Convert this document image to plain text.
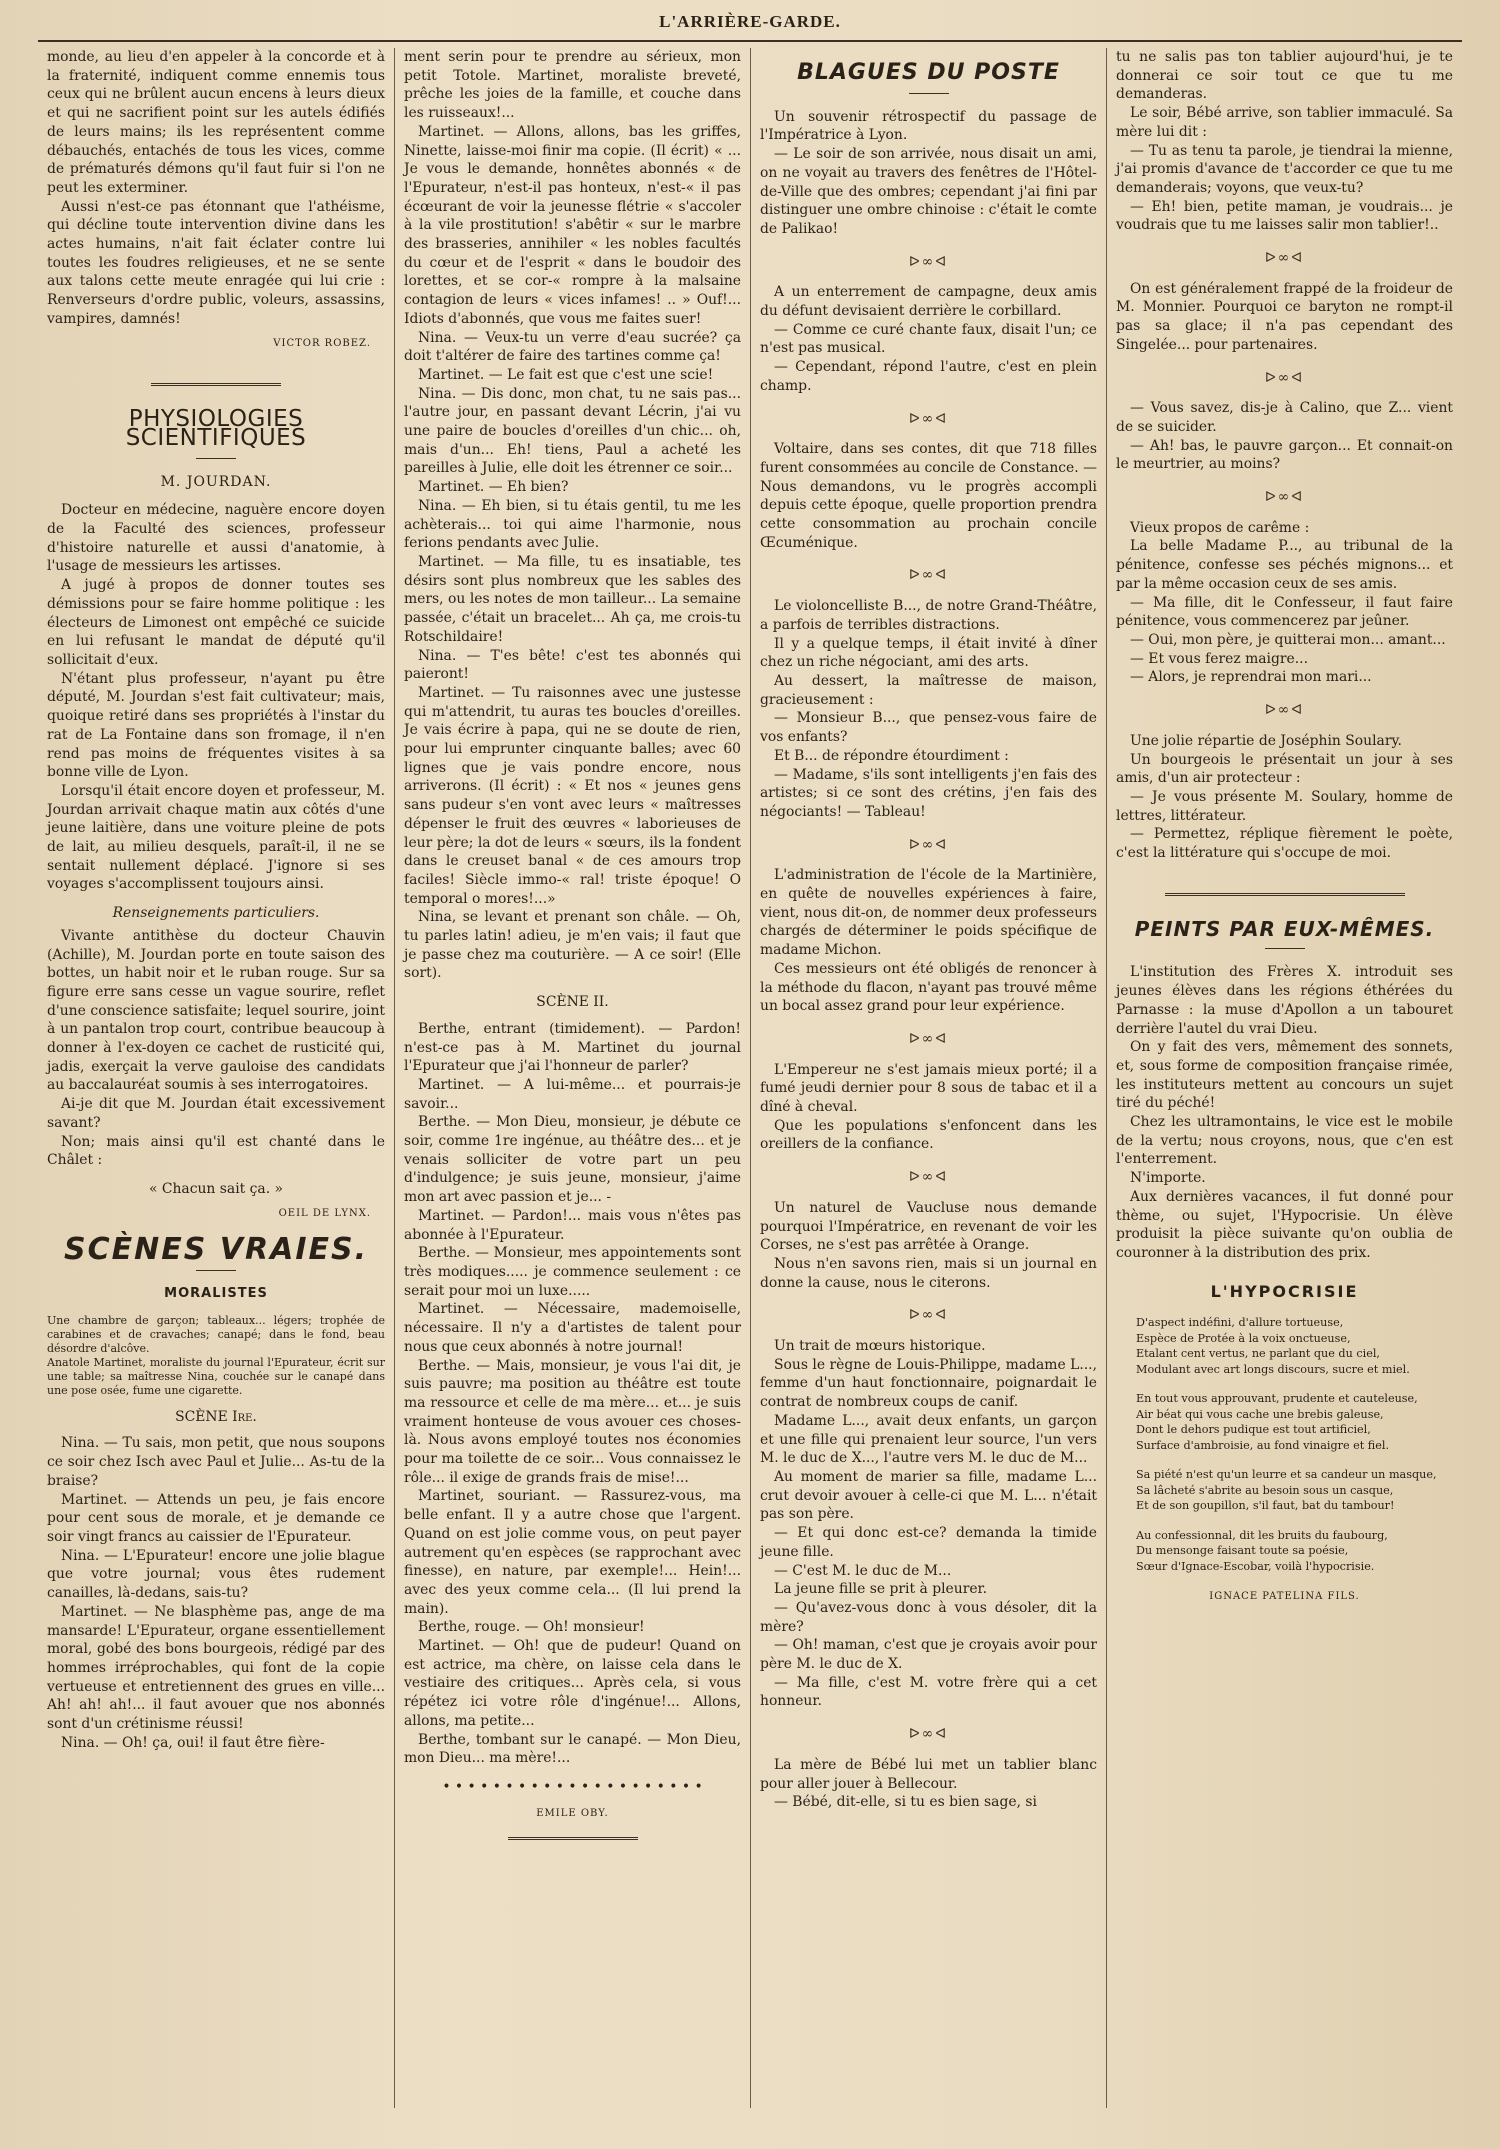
L'ARRIÈRE-GARDE.

monde, au lieu d'en appeler à la concorde et à la fraternité, indiquent comme ennemis tous ceux qui ne brûlent aucun encens à leurs dieux et qui ne sacrifient point sur les autels édifiés de leurs mains; ils les représentent comme débauchés, entachés de tous les vices, comme de prématurés démons qu'il faut fuir si l'on ne peut les exterminer.

Aussi n'est-ce pas étonnant que l'athéisme, qui décline toute intervention divine dans les actes humains, n'ait fait éclater contre lui toutes les foudres religieuses, et ne se sente aux talons cette meute enragée qui lui crie : Renverseurs d'ordre public, voleurs, assassins, vampires, damnés!

VICTOR ROBEZ.
PHYSIOLOGIES SCIENTIFIQUES
M. JOURDAN.

Docteur en médecine, naguère encore doyen de la Faculté des sciences, professeur d'histoire naturelle et aussi d'anatomie, à l'usage de messieurs les artisses.

A jugé à propos de donner toutes ses démissions pour se faire homme politique : les électeurs de Limonest ont empêché ce suicide en lui refusant le mandat de député qu'il sollicitait d'eux.

N'étant plus professeur, n'ayant pu être député, M. Jourdan s'est fait cultivateur; mais, quoique retiré dans ses propriétés à l'instar du rat de La Fontaine dans son fromage, il n'en rend pas moins de fréquentes visites à sa bonne ville de Lyon.

Lorsqu'il était encore doyen et professeur, M. Jourdan arrivait chaque matin aux côtés d'une jeune laitière, dans une voiture pleine de pots de lait, au milieu desquels, paraît-il, il ne se sentait nullement déplacé. J'ignore si ses voyages s'accomplissent toujours ainsi.

Renseignements particuliers.

Vivante antithèse du docteur Chauvin (Achille), M. Jourdan porte en toute saison des bottes, un habit noir et le ruban rouge. Sur sa figure erre sans cesse un vague sourire, reflet d'une conscience satisfaite; lequel sourire, joint à un pantalon trop court, contribue beaucoup à donner à l'ex-doyen ce cachet de rusticité qui, jadis, exerçait la verve gauloise des candidats au baccalauréat soumis à ses interrogatoires.

Ai-je dit que M. Jourdan était excessivement savant?

Non; mais ainsi qu'il est chanté dans le Châlet :

« Chacun sait ça. »
OEIL DE LYNX.
SCÈNES VRAIES.
MORALISTES

Une chambre de garçon; tableaux... légers; trophée de carabines et de cravaches; canapé; dans le fond, beau désordre d'alcôve.

Anatole Martinet, moraliste du journal l'Epurateur, écrit sur une table; sa maîtresse Nina, couchée sur le canapé dans une pose osée, fume une cigarette.

SCÈNE Ire.

Nina. — Tu sais, mon petit, que nous soupons ce soir chez Isch avec Paul et Julie... As-tu de la braise?

Martinet. — Attends un peu, je fais encore pour cent sous de morale, et je demande ce soir vingt francs au caissier de l'Epurateur.

Nina. — L'Epurateur! encore une jolie blague que votre journal; vous êtes rudement canailles, là-dedans, sais-tu?

Martinet. — Ne blasphème pas, ange de ma mansarde! L'Epurateur, organe essentiellement moral, gobé des bons bourgeois, rédigé par des hommes irréprochables, qui font de la copie vertueuse et entretiennent des grues en ville... Ah! ah! ah!... il faut avouer que nos abonnés sont d'un crétinisme réussi!

Nina. — Oh! ça, oui! il faut être fière-

ment serin pour te prendre au sérieux, mon petit Totole. Martinet, moraliste breveté, prêche les joies de la famille, et couche dans les ruisseaux!...

Martinet. — Allons, allons, bas les griffes, Ninette, laisse-moi finir ma copie. (Il écrit) « ... Je vous le demande, honnêtes abonnés « de l'Epurateur, n'est-il pas honteux, n'est-« il pas écœurant de voir la jeunesse flétrie « s'accoler à la vile prostitution! s'abêtir « sur le marbre des brasseries, annihiler « les nobles facultés du cœur et de l'esprit « dans le boudoir des lorettes, et se cor-« rompre à la malsaine contagion de leurs « vices infames! .. » Ouf!... Idiots d'abonnés, que vous me faites suer!

Nina. — Veux-tu un verre d'eau sucrée? ça doit t'altérer de faire des tartines comme ça!

Martinet. — Le fait est que c'est une scie!

Nina. — Dis donc, mon chat, tu ne sais pas... l'autre jour, en passant devant Lécrin, j'ai vu une paire de boucles d'oreilles d'un chic... oh, mais d'un... Eh! tiens, Paul a acheté les pareilles à Julie, elle doit les étrenner ce soir...

Martinet. — Eh bien?

Nina. — Eh bien, si tu étais gentil, tu me les achèterais... toi qui aime l'harmonie, nous ferions pendants avec Julie.

Martinet. — Ma fille, tu es insatiable, tes désirs sont plus nombreux que les sables des mers, ou les notes de mon tailleur... La semaine passée, c'était un bracelet... Ah ça, me crois-tu Rotschildaire!

Nina. — T'es bête! c'est tes abonnés qui paieront!

Martinet. — Tu raisonnes avec une justesse qui m'attendrit, tu auras tes boucles d'oreilles. Je vais écrire à papa, qui ne se doute de rien, pour lui emprunter cinquante balles; avec 60 lignes que je vais pondre encore, nous arriverons. (Il écrit) : « Et nos « jeunes gens sans pudeur s'en vont avec leurs « maîtresses dépenser le fruit des œuvres « laborieuses de leur père; la dot de leurs « sœurs, ils la fondent dans le creuset banal « de ces amours trop faciles! Siècle immo-« ral! triste époque! O temporal o mores!...»

Nina, se levant et prenant son châle. — Oh, tu parles latin! adieu, je m'en vais; il faut que je passe chez ma couturière. — A ce soir! (Elle sort).

SCÈNE II.

Berthe, entrant (timidement). — Pardon! n'est-ce pas à M. Martinet du journal l'Epurateur que j'ai l'honneur de parler?

Martinet. — A lui-même... et pourrais-je savoir...

Berthe. — Mon Dieu, monsieur, je débute ce soir, comme 1re ingénue, au théâtre des... et je venais solliciter de votre part un peu d'indulgence; je suis jeune, monsieur, j'aime mon art avec passion et je... -

Martinet. — Pardon!... mais vous n'êtes pas abonnée à l'Epurateur.

Berthe. — Monsieur, mes appointements sont très modiques..... je commence seulement : ce serait pour moi un luxe.....

Martinet. — Nécessaire, mademoiselle, nécessaire. Il n'y a d'artistes de talent pour nous que ceux abonnés à notre journal!

Berthe. — Mais, monsieur, je vous l'ai dit, je suis pauvre; ma position au théâtre est toute ma ressource et celle de ma mère... et... je suis vraiment honteuse de vous avouer ces choses-là. Nous avons employé toutes nos économies pour ma toilette de ce soir... Vous connaissez le rôle... il exige de grands frais de mise!...

Martinet, souriant. — Rassurez-vous, ma belle enfant. Il y a autre chose que l'argent. Quand on est jolie comme vous, on peut payer autrement qu'en espèces (se rapprochant avec finesse), en nature, par exemple!... Hein!... avec des yeux comme cela... (Il lui prend la main).

Berthe, rouge. — Oh! monsieur!

Martinet. — Oh! que de pudeur! Quand on est actrice, ma chère, on laisse cela dans le vestiaire des critiques... Après cela, si vous répétez ici votre rôle d'ingénue!... Allons, allons, ma petite...

Berthe, tombant sur le canapé. — Mon Dieu, mon Dieu... ma mère!...

• • • • • • • • • • • • • • • • • • • • •
EMILE OBY.
BLAGUES DU POSTE

Un souvenir rétrospectif du passage de l'Impératrice à Lyon.

— Le soir de son arrivée, nous disait un ami, on ne voyait au travers des fenêtres de l'Hôtel-de-Ville que des ombres; cependant j'ai fini par distinguer une ombre chinoise : c'était le comte de Palikao!

ᐅ∞ᐊ

A un enterrement de campagne, deux amis du défunt devisaient derrière le corbillard.

— Comme ce curé chante faux, disait l'un; ce n'est pas musical.

— Cependant, répond l'autre, c'est en plein champ.

ᐅ∞ᐊ

Voltaire, dans ses contes, dit que 718 filles furent consommées au concile de Constance. — Nous demandons, vu le progrès accompli depuis cette époque, quelle proportion prendra cette consommation au prochain concile Œcuménique.

ᐅ∞ᐊ

Le violoncelliste B..., de notre Grand-Théâtre, a parfois de terribles distractions.

Il y a quelque temps, il était invité à dîner chez un riche négociant, ami des arts.

Au dessert, la maîtresse de maison, gracieusement :

— Monsieur B..., que pensez-vous faire de vos enfants?

Et B... de répondre étourdiment :

— Madame, s'ils sont intelligents j'en fais des artistes; si ce sont des crétins, j'en fais des négociants! — Tableau!

ᐅ∞ᐊ

L'administration de l'école de la Martinière, en quête de nouvelles expériences à faire, vient, nous dit-on, de nommer deux professeurs chargés de déterminer le poids spécifique de madame Michon.

Ces messieurs ont été obligés de renoncer à la méthode du flacon, n'ayant pas trouvé même un bocal assez grand pour leur expérience.

ᐅ∞ᐊ

L'Empereur ne s'est jamais mieux porté; il a fumé jeudi dernier pour 8 sous de tabac et il a dîné à cheval.

Que les populations s'enfoncent dans les oreillers de la confiance.

ᐅ∞ᐊ

Un naturel de Vaucluse nous demande pourquoi l'Impératrice, en revenant de voir les Corses, ne s'est pas arrêtée à Orange.

Nous n'en savons rien, mais si un journal en donne la cause, nous le citerons.

ᐅ∞ᐊ

Un trait de mœurs historique.

Sous le règne de Louis-Philippe, madame L..., femme d'un haut fonctionnaire, poignardait le contrat de nombreux coups de canif.

Madame L..., avait deux enfants, un garçon et une fille qui prenaient leur source, l'un vers M. le duc de X..., l'autre vers M. le duc de M...

Au moment de marier sa fille, madame L... crut devoir avouer à celle-ci que M. L... n'était pas son père.

— Et qui donc est-ce? demanda la timide jeune fille.

— C'est M. le duc de M...

La jeune fille se prit à pleurer.

— Qu'avez-vous donc à vous désoler, dit la mère?

— Oh! maman, c'est que je croyais avoir pour père M. le duc de X.

— Ma fille, c'est M. votre frère qui a cet honneur.

ᐅ∞ᐊ

La mère de Bébé lui met un tablier blanc pour aller jouer à Bellecour.

— Bébé, dit-elle, si tu es bien sage, si

tu ne salis pas ton tablier aujourd'hui, je te donnerai ce soir tout ce que tu me demanderas.

Le soir, Bébé arrive, son tablier immaculé. Sa mère lui dit :

— Tu as tenu ta parole, je tiendrai la mienne, j'ai promis d'avance de t'accorder ce que tu me demanderais; voyons, que veux-tu?

— Eh! bien, petite maman, je voudrais... je voudrais que tu me laisses salir mon tablier!..

ᐅ∞ᐊ

On est généralement frappé de la froideur de M. Monnier. Pourquoi ce baryton ne rompt-il pas sa glace; il n'a pas cependant des Singelée... pour partenaires.

ᐅ∞ᐊ

— Vous savez, dis-je à Calino, que Z... vient de se suicider.

— Ah! bas, le pauvre garçon... Et connait-on le meurtrier, au moins?

ᐅ∞ᐊ

Vieux propos de carême :

La belle Madame P..., au tribunal de la pénitence, confesse ses péchés mignons... et par la même occasion ceux de ses amis.

— Ma fille, dit le Confesseur, il faut faire pénitence, vous commencerez par jeûner.

— Oui, mon père, je quitterai mon... amant...

— Et vous ferez maigre...

— Alors, je reprendrai mon mari...

ᐅ∞ᐊ

Une jolie répartie de Joséphin Soulary.

Un bourgeois le présentait un jour à ses amis, d'un air protecteur :

— Je vous présente M. Soulary, homme de lettres, littérateur.

— Permettez, réplique fièrement le poète, c'est la littérature qui s'occupe de moi.

PEINTS PAR EUX-MÊMES.

L'institution des Frères X. introduit ses jeunes élèves dans les régions éthérées du Parnasse : la muse d'Apollon a un tabouret derrière l'autel du vrai Dieu.

On y fait des vers, mêmement des sonnets, et, sous forme de composition française rimée, les instituteurs mettent au concours un sujet tiré du péché!

Chez les ultramontains, le vice est le mobile de la vertu; nous croyons, nous, que c'en est l'enterrement.

N'importe.

Aux dernières vacances, il fut donné pour thème, ou sujet, l'Hypocrisie. Un élève produisit la pièce suivante qu'on oublia de couronner à la distribution des prix.

L'HYPOCRISIE
D'aspect indéfini, d'allure tortueuse,
Espèce de Protée à la voix onctueuse,
Etalant cent vertus, ne parlant que du ciel,
Modulant avec art longs discours, sucre et miel.
En tout vous approuvant, prudente et cauteleuse,
Air béat qui vous cache une brebis galeuse,
Dont le dehors pudique est tout artificiel,
Surface d'ambroisie, au fond vinaigre et fiel.
Sa piété n'est qu'un leurre et sa candeur un masque,
Sa lâcheté s'abrite au besoin sous un casque,
Et de son goupillon, s'il faut, bat du tambour!
Au confessionnal, dit les bruits du faubourg,
Du mensonge faisant toute sa poésie,
Sœur d'Ignace-Escobar, voilà l'hypocrisie.
IGNACE PATELINA FILS.
